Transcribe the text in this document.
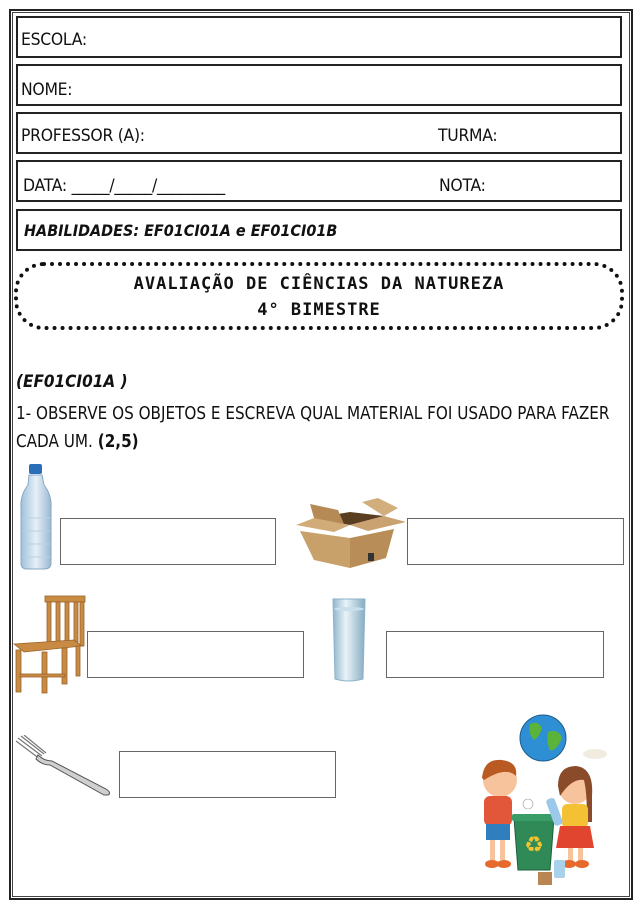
ESCOLA:
NOME:
PROFESSOR (A):	TURMA:
DATA: _____/_____/_________	NOTA:
HABILIDADES: EF01CI01A e EF01CI01B
AVALIAÇÃO DE CIÊNCIAS DA NATUREZA
4° BIMESTRE
(EF01CI01A )
1- OBSERVE OS OBJETOS E ESCREVA QUAL MATERIAL FOI USADO PARA FAZER CADA UM. (2,5)
♻
